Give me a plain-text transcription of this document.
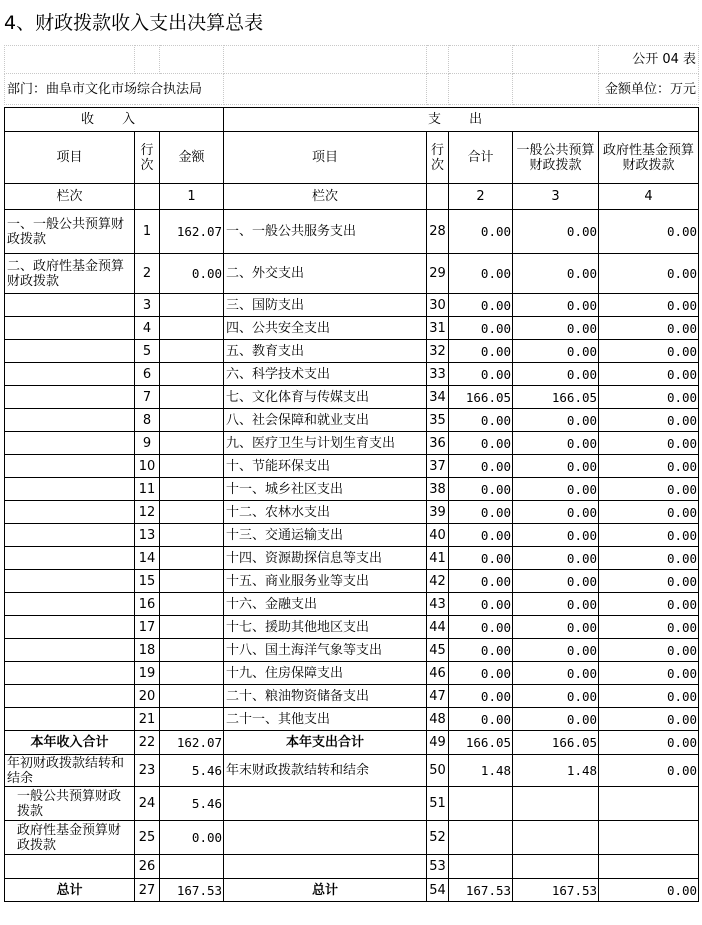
4、财政拨款收入支出决算总表
							公开 04 表
部门：曲阜市文化市场综合执法局							金额单位：万元
收 入			支 出				
项目	行次	金额	项目	行次	合计	一般公共预算财政拨款	政府性基金预算财政拨款
栏次		1	栏次		2	3	4
一、一般公共预算财政拨款	1	162.07	一、一般公共服务支出	28	0.00	0.00	0.00
二、政府性基金预算财政拨款	2	0.00	二、外交支出	29	0.00	0.00	0.00
	3		三、国防支出	30	0.00	0.00	0.00
	4		四、公共安全支出	31	0.00	0.00	0.00
	5		五、教育支出	32	0.00	0.00	0.00
	6		六、科学技术支出	33	0.00	0.00	0.00
	7		七、文化体育与传媒支出	34	166.05	166.05	0.00
	8		八、社会保障和就业支出	35	0.00	0.00	0.00
	9		九、医疗卫生与计划生育支出	36	0.00	0.00	0.00
	10		十、节能环保支出	37	0.00	0.00	0.00
	11		十一、城乡社区支出	38	0.00	0.00	0.00
	12		十二、农林水支出	39	0.00	0.00	0.00
	13		十三、交通运输支出	40	0.00	0.00	0.00
	14		十四、资源勘探信息等支出	41	0.00	0.00	0.00
	15		十五、商业服务业等支出	42	0.00	0.00	0.00
	16		十六、金融支出	43	0.00	0.00	0.00
	17		十七、援助其他地区支出	44	0.00	0.00	0.00
	18		十八、国土海洋气象等支出	45	0.00	0.00	0.00
	19		十九、住房保障支出	46	0.00	0.00	0.00
	20		二十、粮油物资储备支出	47	0.00	0.00	0.00
	21		二十一、其他支出	48	0.00	0.00	0.00
本年收入合计	22	162.07	本年支出合计	49	166.05	166.05	0.00
年初财政拨款结转和结余	23	5.46	年末财政拨款结转和结余	50	1.48	1.48	0.00
一般公共预算财政拨款	24	5.46		51			
政府性基金预算财政拨款	25	0.00		52			
	26			53			
总计	27	167.53	总计	54	167.53	167.53	0.00
